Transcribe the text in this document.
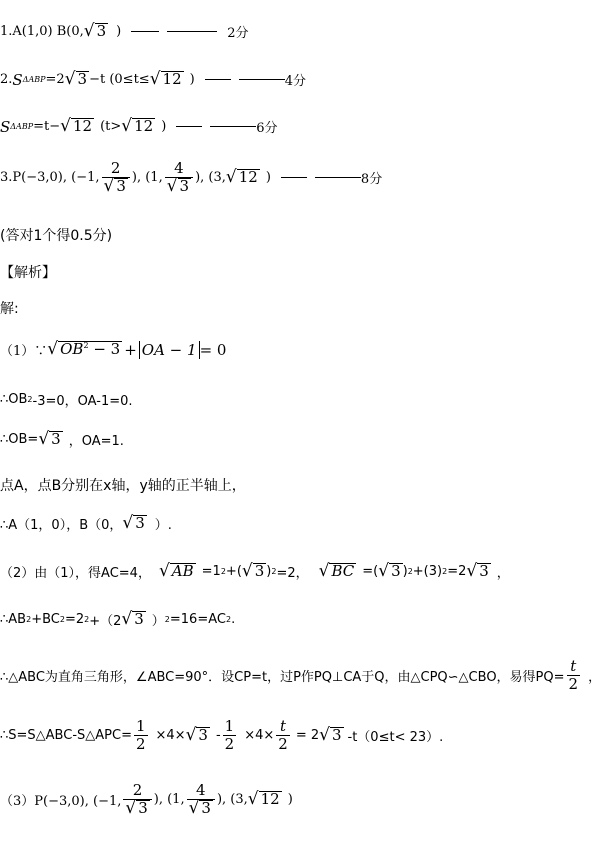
1.A(1,0) B(0, √ 3 )	2分
2. S ΔABP =2 √ 3 −t (0≤t≤ √ 12 )	4分
S ΔABP =t− √ 12 (t> √ 12 )	6分
3.P(−3,0), (−1, $\frac{2}{√ 3}$ ), (1, $\frac{4}{√ 3}$ ), (3, √ 12 )	8分
(答对1个得0.5分)
【解析】
解:
（1）∵ √ $OB^2 - 3$ + OA − 1 = 0
∴OB 2 -3=0，OA-1=0.
∴OB= √ 3 ，OA=1.
点A，点B分别在x轴，y轴的正半轴上，
∴A（1，0），B（0， √ 3 ）.
（2）由（1），得AC=4， √ AB =1 2 +( √ 3 ) 2 =2， √ BC =( √ 3 ) 2 +(3) 2 =2 √ 3 ，
∴AB 2 +BC 2 =2 2 +（2 √ 3 ） 2 =16=AC 2 .
∴△ABC为直角三角形，∠ABC=90°．设CP=t，过P作PQ⊥CA于Q，由△CPQ∽△CBO，易得$PQ= \frac{t}{2}$ ，
∴S=S△ABC-S△APC= $\frac{1}{2} \times 4\times$ √ $3 - \frac{1}{2} \times 4\times \frac{t}{2} = 2$ √ 3 -t（0≤t< 23）.
（3）P(−3,0), (−1, $\frac{2}{√ 3}$ ), (1, $\frac{4}{√ 3}$ ), (3, √ 12 )
